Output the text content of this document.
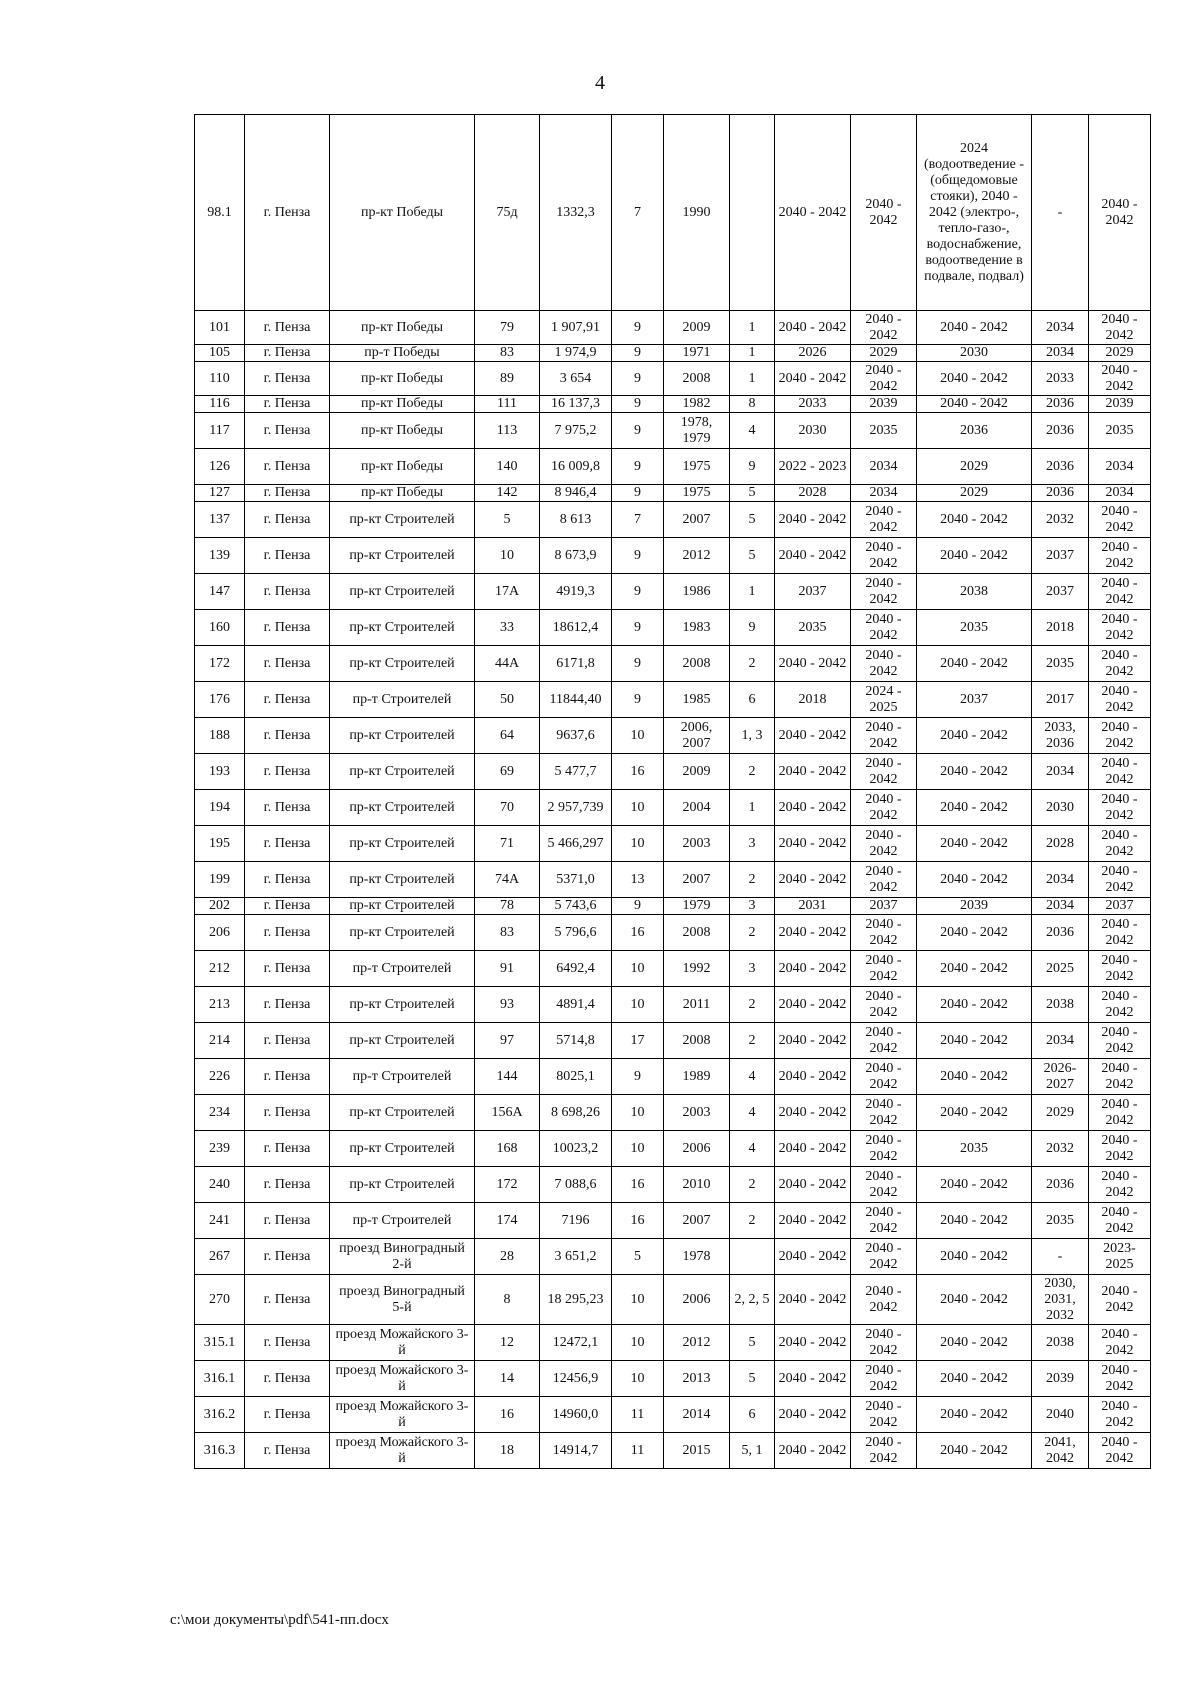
4
98.1	г. Пенза	пр-кт Победы	75д	1332,3	7	1990		2040 - 2042	2040 - 2042	2024 (водоотведение - (общедомовые стояки), 2040 - 2042 (электро-, тепло-газо-, водоснабжение, водоотведение в подвале, подвал)	-	2040 - 2042
101	г. Пенза	пр-кт Победы	79	1 907,91	9	2009	1	2040 - 2042	2040 - 2042	2040 - 2042	2034	2040 - 2042
105	г. Пенза	пр-т Победы	83	1 974,9	9	1971	1	2026	2029	2030	2034	2029
110	г. Пенза	пр-кт Победы	89	3 654	9	2008	1	2040 - 2042	2040 - 2042	2040 - 2042	2033	2040 - 2042
116	г. Пенза	пр-кт Победы	111	16 137,3	9	1982	8	2033	2039	2040 - 2042	2036	2039
117	г. Пенза	пр-кт Победы	113	7 975,2	9	1978, 1979	4	2030	2035	2036	2036	2035
126	г. Пенза	пр-кт Победы	140	16 009,8	9	1975	9	2022 - 2023	2034	2029	2036	2034
127	г. Пенза	пр-кт Победы	142	8 946,4	9	1975	5	2028	2034	2029	2036	2034
137	г. Пенза	пр-кт Строителей	5	8 613	7	2007	5	2040 - 2042	2040 - 2042	2040 - 2042	2032	2040 - 2042
139	г. Пенза	пр-кт Строителей	10	8 673,9	9	2012	5	2040 - 2042	2040 - 2042	2040 - 2042	2037	2040 - 2042
147	г. Пенза	пр-кт Строителей	17А	4919,3	9	1986	1	2037	2040 - 2042	2038	2037	2040 - 2042
160	г. Пенза	пр-кт Строителей	33	18612,4	9	1983	9	2035	2040 - 2042	2035	2018	2040 - 2042
172	г. Пенза	пр-кт Строителей	44А	6171,8	9	2008	2	2040 - 2042	2040 - 2042	2040 - 2042	2035	2040 - 2042
176	г. Пенза	пр-т Строителей	50	11844,40	9	1985	6	2018	2024 - 2025	2037	2017	2040 - 2042
188	г. Пенза	пр-кт Строителей	64	9637,6	10	2006, 2007	1, 3	2040 - 2042	2040 - 2042	2040 - 2042	2033, 2036	2040 - 2042
193	г. Пенза	пр-кт Строителей	69	5 477,7	16	2009	2	2040 - 2042	2040 - 2042	2040 - 2042	2034	2040 - 2042
194	г. Пенза	пр-кт Строителей	70	2 957,739	10	2004	1	2040 - 2042	2040 - 2042	2040 - 2042	2030	2040 - 2042
195	г. Пенза	пр-кт Строителей	71	5 466,297	10	2003	3	2040 - 2042	2040 - 2042	2040 - 2042	2028	2040 - 2042
199	г. Пенза	пр-кт Строителей	74А	5371,0	13	2007	2	2040 - 2042	2040 - 2042	2040 - 2042	2034	2040 - 2042
202	г. Пенза	пр-кт Строителей	78	5 743,6	9	1979	3	2031	2037	2039	2034	2037
206	г. Пенза	пр-кт Строителей	83	5 796,6	16	2008	2	2040 - 2042	2040 - 2042	2040 - 2042	2036	2040 - 2042
212	г. Пенза	пр-т Строителей	91	6492,4	10	1992	3	2040 - 2042	2040 - 2042	2040 - 2042	2025	2040 - 2042
213	г. Пенза	пр-кт Строителей	93	4891,4	10	2011	2	2040 - 2042	2040 - 2042	2040 - 2042	2038	2040 - 2042
214	г. Пенза	пр-кт Строителей	97	5714,8	17	2008	2	2040 - 2042	2040 - 2042	2040 - 2042	2034	2040 - 2042
226	г. Пенза	пр-т Строителей	144	8025,1	9	1989	4	2040 - 2042	2040 - 2042	2040 - 2042	2026-2027	2040 - 2042
234	г. Пенза	пр-кт Строителей	156А	8 698,26	10	2003	4	2040 - 2042	2040 - 2042	2040 - 2042	2029	2040 - 2042
239	г. Пенза	пр-кт Строителей	168	10023,2	10	2006	4	2040 - 2042	2040 - 2042	2035	2032	2040 - 2042
240	г. Пенза	пр-кт Строителей	172	7 088,6	16	2010	2	2040 - 2042	2040 - 2042	2040 - 2042	2036	2040 - 2042
241	г. Пенза	пр-т Строителей	174	7196	16	2007	2	2040 - 2042	2040 - 2042	2040 - 2042	2035	2040 - 2042
267	г. Пенза	проезд Виноградный 2-й	28	3 651,2	5	1978		2040 - 2042	2040 - 2042	2040 - 2042	-	2023-2025
270	г. Пенза	проезд Виноградный 5-й	8	18 295,23	10	2006	2, 2, 5	2040 - 2042	2040 - 2042	2040 - 2042	2030, 2031, 2032	2040 - 2042
315.1	г. Пенза	проезд Можайского 3-й	12	12472,1	10	2012	5	2040 - 2042	2040 - 2042	2040 - 2042	2038	2040 - 2042
316.1	г. Пенза	проезд Можайского 3-й	14	12456,9	10	2013	5	2040 - 2042	2040 - 2042	2040 - 2042	2039	2040 - 2042
316.2	г. Пенза	проезд Можайского 3-й	16	14960,0	11	2014	6	2040 - 2042	2040 - 2042	2040 - 2042	2040	2040 - 2042
316.3	г. Пенза	проезд Можайского 3-й	18	14914,7	11	2015	5, 1	2040 - 2042	2040 - 2042	2040 - 2042	2041, 2042	2040 - 2042
c:\мои документы\pdf\541-пп.docx
